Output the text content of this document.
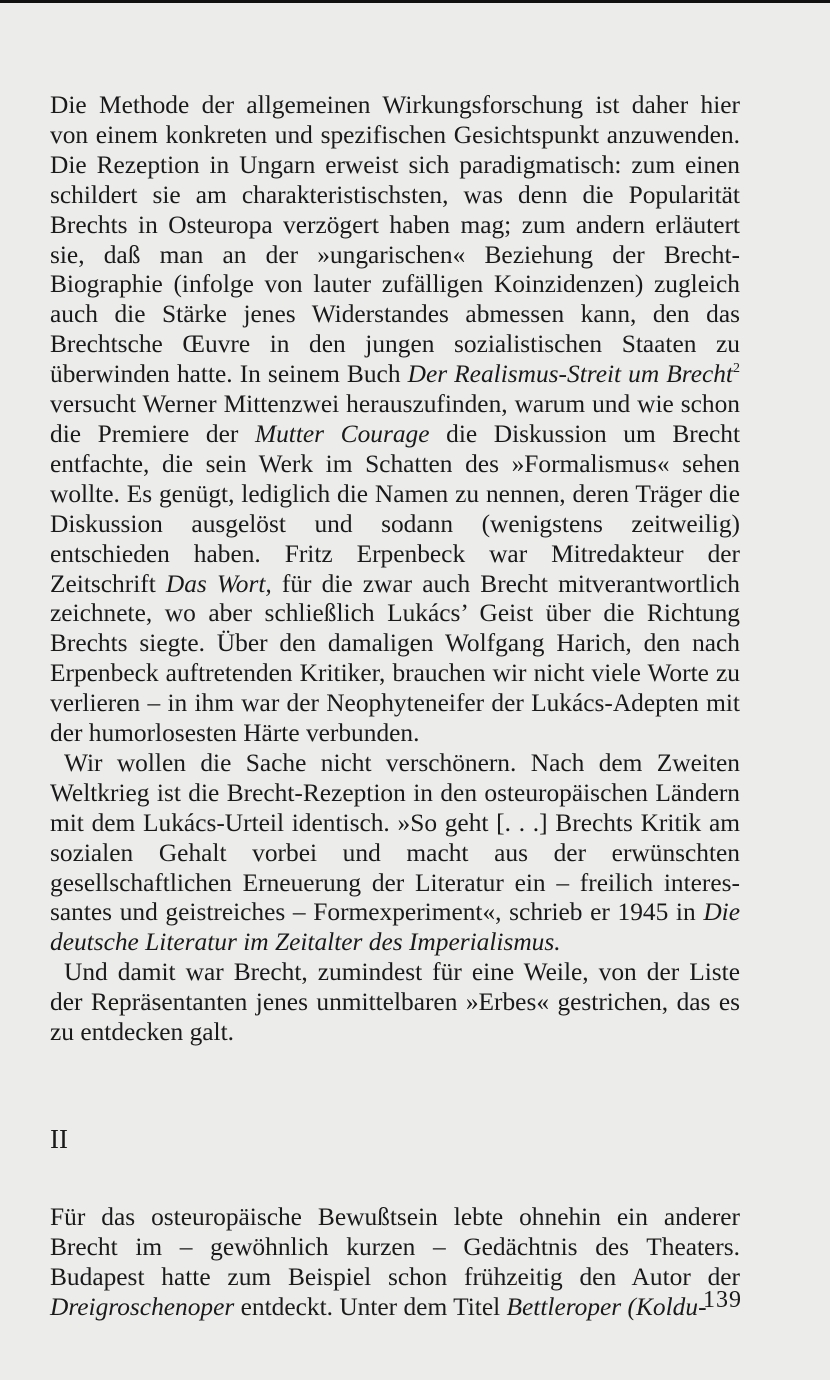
Die Methode der allgemeinen Wirkungsforschung ist daher hier von einem konkreten und spezifischen Gesichtspunkt anzuwenden. Die Rezeption in Ungarn erweist sich paradigmatisch: zum einen schildert sie am charakteristischsten, was denn die Popularität Brechts in Osteuropa verzögert haben mag; zum andern erläutert sie, daß man an der »ungarischen« Beziehung der Brecht-Biographie (infolge von lauter zufälligen Koinzidenzen) zugleich auch die Stärke jenes Widerstandes abmessen kann, den das Brechtsche Œuvre in den jungen sozialistischen Staaten zu überwinden hatte. In seinem Buch Der Realismus-Streit um Brecht$^2$ versucht Werner Mittenzwei herauszufinden, warum und wie schon die Premiere der Mutter Courage die Diskussion um Brecht entfachte, die sein Werk im Schatten des »Formalismus« sehen wollte. Es genügt, lediglich die Namen zu nennen, deren Träger die Diskussion ausgelöst und sodann (wenigstens zeitweilig) entschieden haben. Fritz Erpenbeck war Mitredakteur der Zeitschrift Das Wort, für die zwar auch Brecht mitverantwortlich zeichnete, wo aber schließlich Lukács’ Geist über die Richtung Brechts siegte. Über den damaligen Wolfgang Harich, den nach Erpenbeck auftretenden Kritiker, brauchen wir nicht viele Worte zu verlieren – in ihm war der Neophyteneifer der Lukács-Adepten mit der humorlosesten Härte verbunden.

Wir wollen die Sache nicht verschönern. Nach dem Zweiten Weltkrieg ist die Brecht-Rezeption in den osteuropäischen Ländern mit dem Lukács-Urteil identisch. »So geht [. . .] Brechts Kritik am sozialen Gehalt vorbei und macht aus der erwünschten gesellschaftlichen Erneuerung der Literatur ein – freilich interessantes und geistreiches – Formexperiment«, schrieb er 1945 in Die deutsche Literatur im Zeitalter des Imperialismus.

Und damit war Brecht, zumindest für eine Weile, von der Liste der Repräsentanten jenes unmittelbaren »Erbes« gestrichen, das es zu entdecken galt.

II

Für das osteuropäische Bewußtsein lebte ohnehin ein anderer Brecht im – gewöhnlich kurzen – Gedächtnis des Theaters. Budapest hatte zum Beispiel schon frühzeitig den Autor der Dreigroschenoper entdeckt. Unter dem Titel Bettleroper (Koldu-

139
